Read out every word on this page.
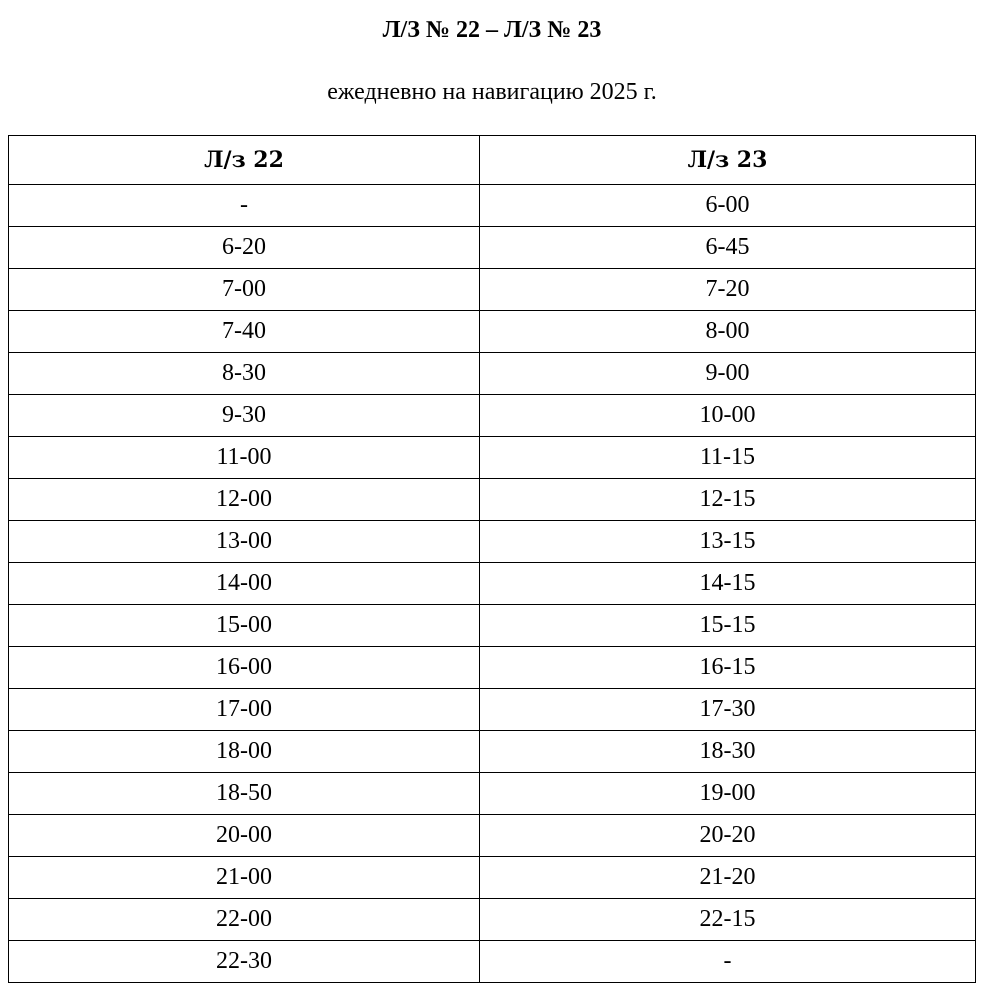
Л/З № 22 – Л/З № 23
ежедневно на навигацию 2025 г.
Л/з 22	Л/з 23
-	6-00
6-20	6-45
7-00	7-20
7-40	8-00
8-30	9-00
9-30	10-00
11-00	11-15
12-00	12-15
13-00	13-15
14-00	14-15
15-00	15-15
16-00	16-15
17-00	17-30
18-00	18-30
18-50	19-00
20-00	20-20
21-00	21-20
22-00	22-15
22-30	-
